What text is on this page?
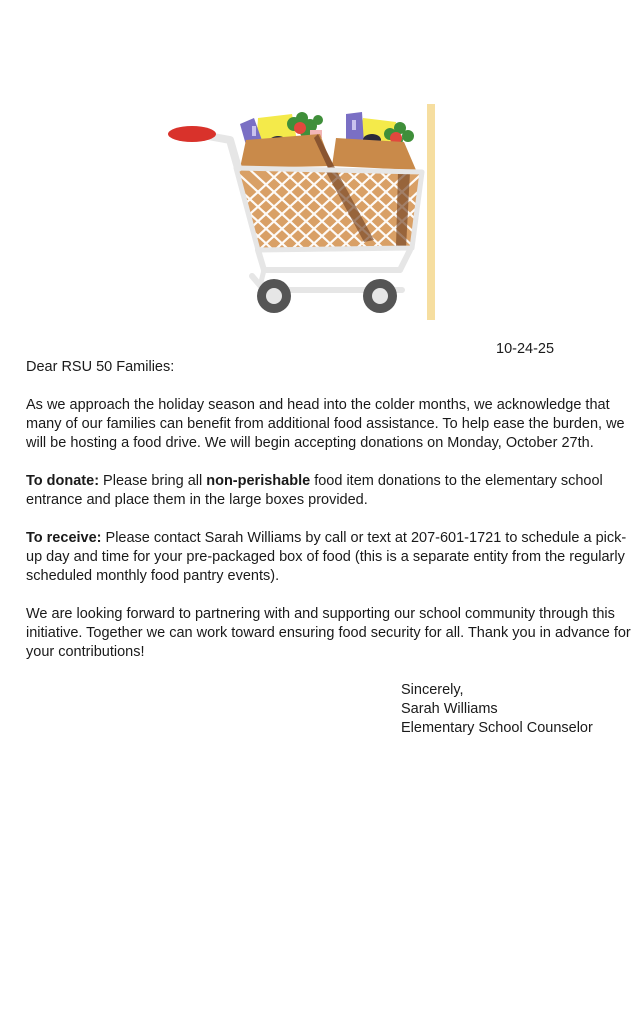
10-24-25

Dear RSU 50 Families:

As we approach the holiday season and head into the colder months, we acknowledge that many of our families can benefit from additional food assistance. To help ease the burden, we will be hosting a food drive. We will begin accepting donations on Monday, October 27th.

To donate: Please bring all non-perishable food item donations to the elementary school entrance and place them in the large boxes provided.

To receive: Please contact Sarah Williams by call or text at 207-601-1721 to schedule a pick-up day and time for your pre-packaged box of food (this is a separate entity from the regularly scheduled monthly food pantry events).

We are looking forward to partnering with and supporting our school community through this initiative. Together we can work toward ensuring food security for all. Thank you in advance for your contributions!

Sincerely,
Sarah Williams
Elementary School Counselor
